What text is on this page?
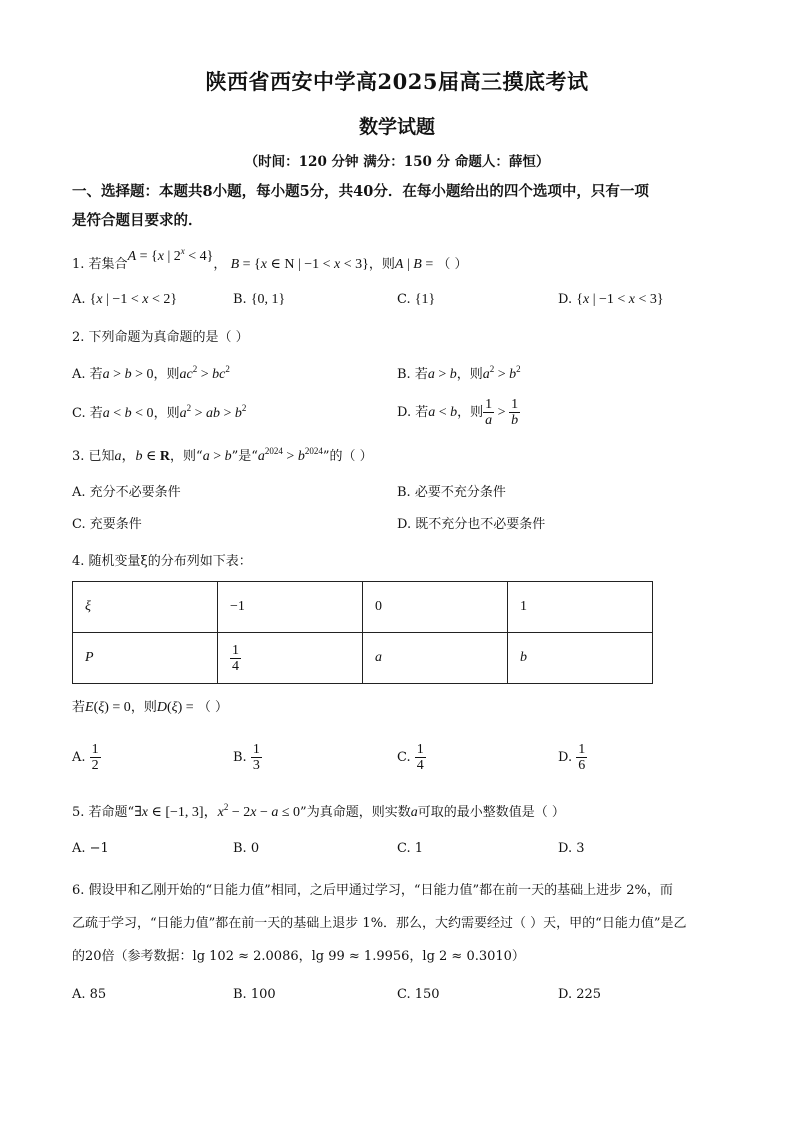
陕西省西安中学高2025届高三摸底考试
数学试题
（时间：120 分钟 满分：150 分 命题人：薛恒）
一、选择题：本题共8小题，每小题5分，共40分．在每小题给出的四个选项中，只有一项
是符合题目要求的．
1. 若集合A = {x | $2^x < 4$}， B = {x ∈ N | −1 < x < 3}，则A | B = （ ）
A. {x | −1 < x < 2}	B. {0, 1}	C. {1}	D. {x | −1 < x < 3}
2. 下列命题为真命题的是（ ）
A. 若a > b > 0，则$ac^2 > bc^2$	B. 若a > b，则$a^2 > b^2$
C. 若a < b < 0，则$a^2$ > ab > $b^2$	D. 若a < b，则 $\frac{1}{a} > \frac{1}{b}$
3. 已知a，b ∈ R，则“a > b”是“$a^{2024} > b^{2024}$”的（ ）
A. 充分不必要条件	B. 必要不充分条件
C. 充要条件	D. 既不充分也不必要条件
4. 随机变量ξ的分布列如下表：
ξ	−1	0	1
P	$\frac{1}{4}$	a	b
若E(ξ) = 0，则D(ξ) = （ ）
A. $\frac{1}{2}$	B. $\frac{1}{3}$	C. $\frac{1}{4}$	D. $\frac{1}{6}$
5. 若命题“∃x ∈ [−1, 3]，$x^2 - 2x - a \le 0$”为真命题，则实数a可取的最小整数值是（ ）
A. −1	B. 0	C. 1	D. 3
6. 假设甲和乙刚开始的“日能力值”相同，之后甲通过学习，“日能力值”都在前一天的基础上进步 2%，而
乙疏于学习，“日能力值”都在前一天的基础上退步 1%．那么，大约需要经过（ ）天，甲的“日能力值”是乙
的20倍（参考数据：lg 102 ≈ 2.0086，lg 99 ≈ 1.9956，lg 2 ≈ 0.3010）
A. 85	B. 100	C. 150	D. 225
